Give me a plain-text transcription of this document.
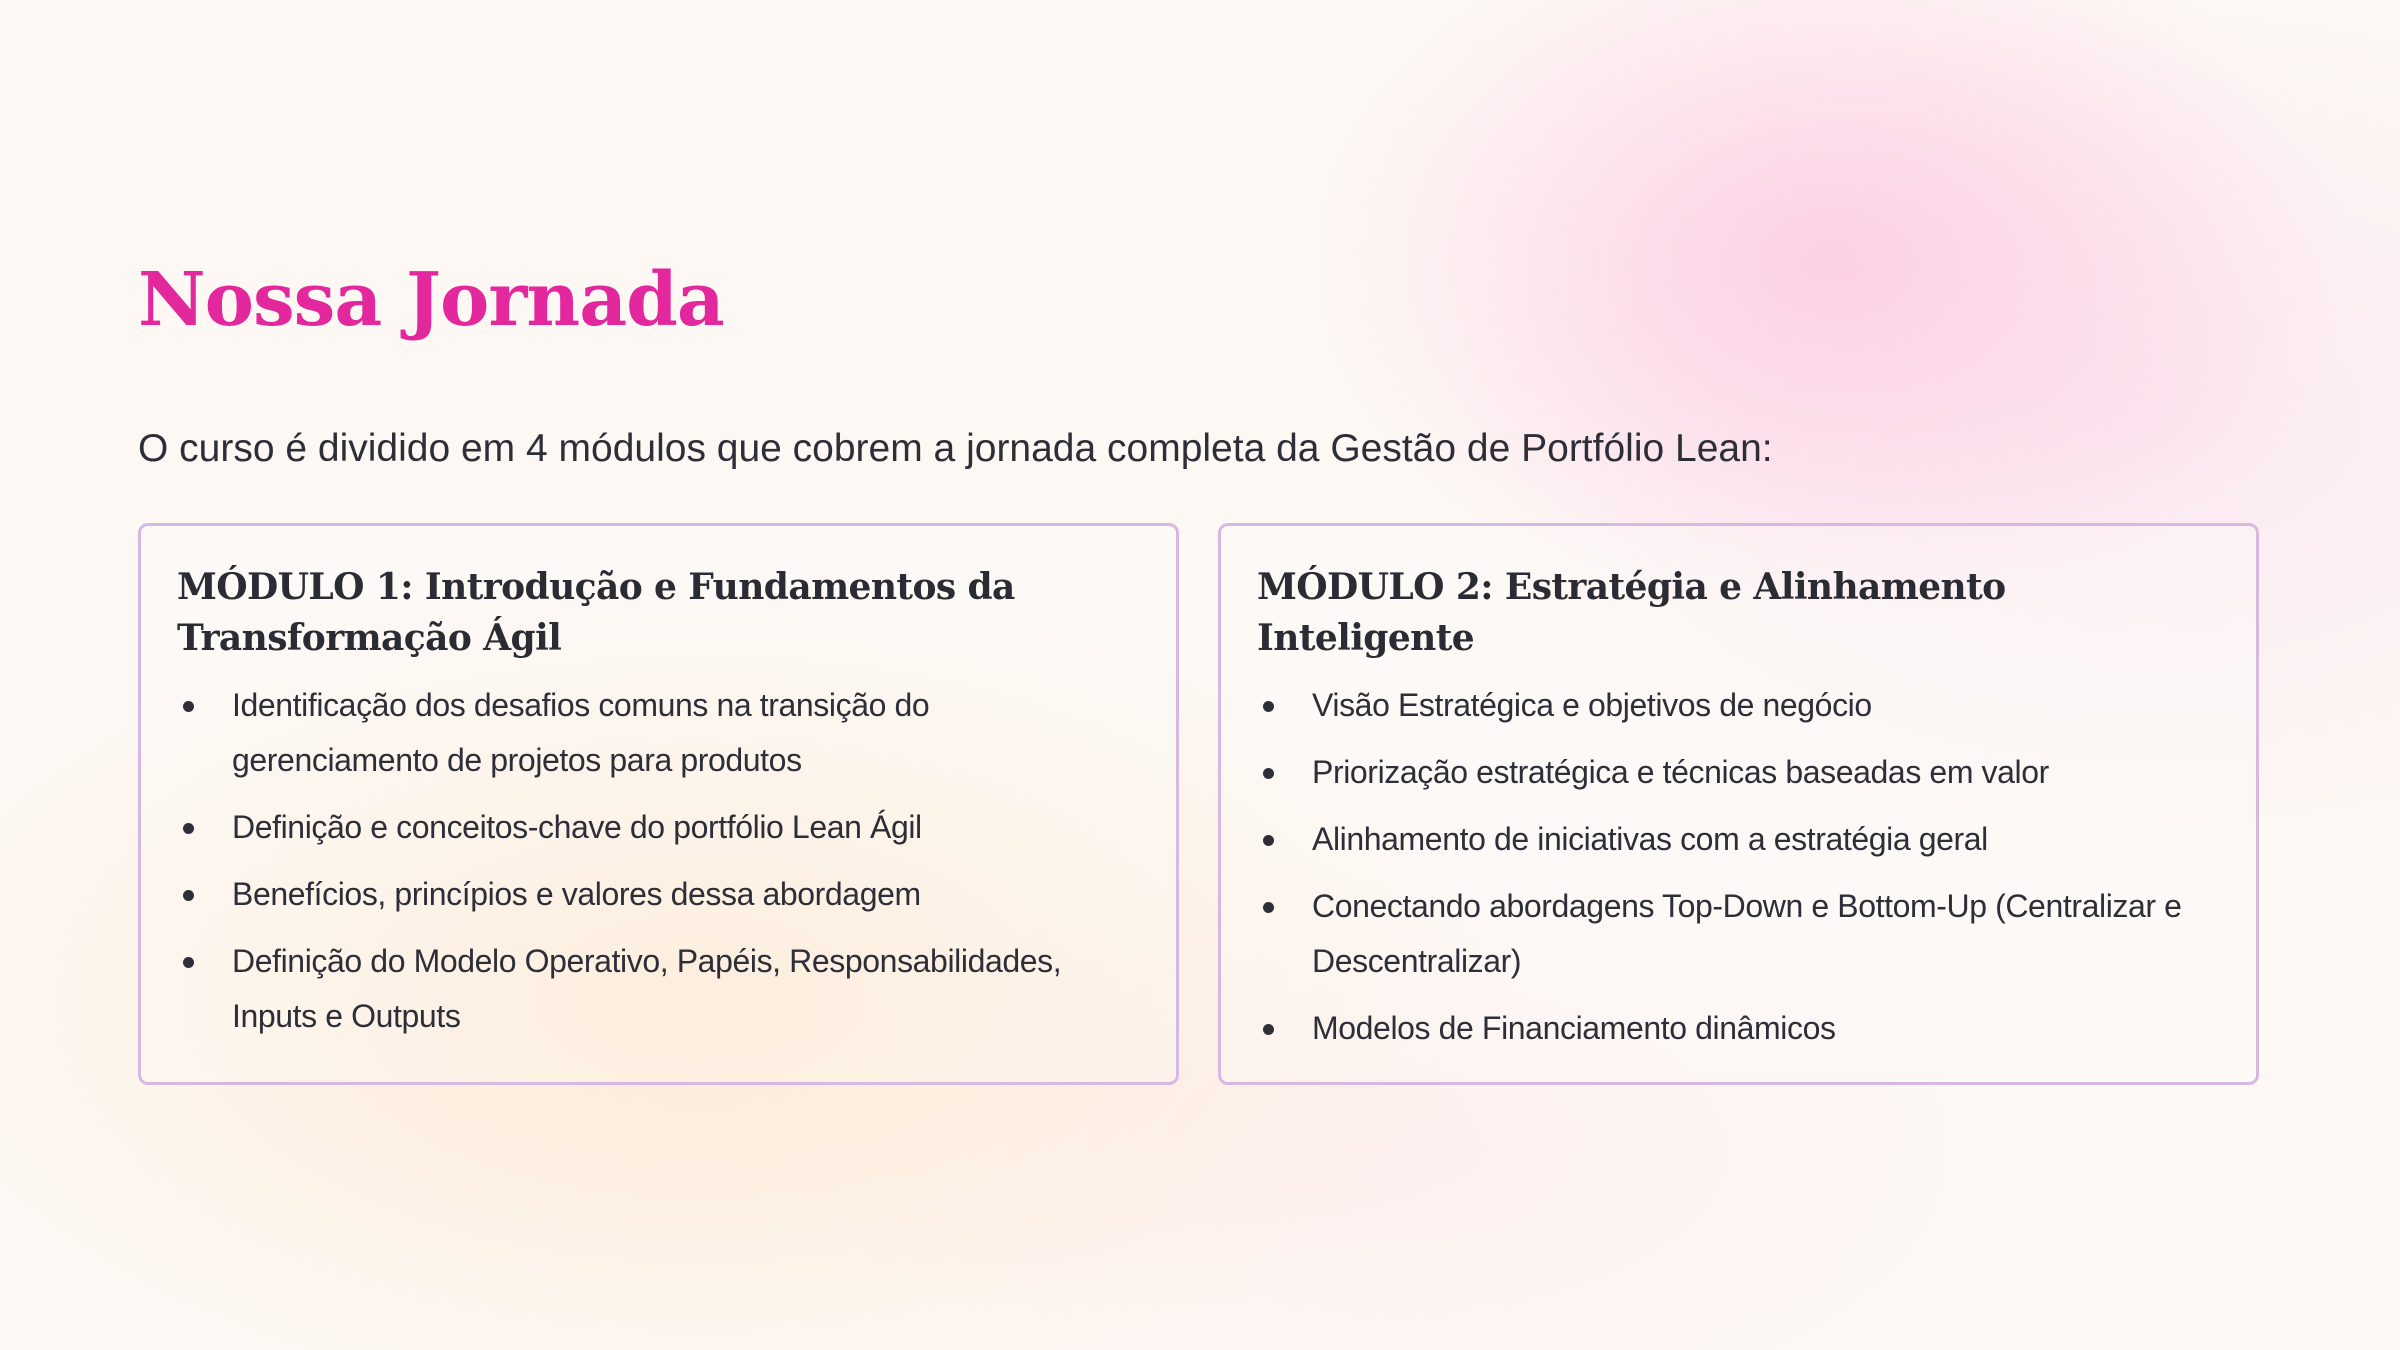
Nossa Jornada

O curso é dividido em 4 módulos que cobrem a jornada completa da Gestão de Portfólio Lean:

MÓDULO 1: Introdução e Fundamentos da Transformação Ágil
Identificação dos desafios comuns na transição do gerenciamento de projetos para produtos
Definição e conceitos-chave do portfólio Lean Ágil
Benefícios, princípios e valores dessa abordagem
Definição do Modelo Operativo, Papéis, Responsabilidades, Inputs e Outputs
MÓDULO 2: Estratégia e Alinhamento Inteligente
Visão Estratégica e objetivos de negócio
Priorização estratégica e técnicas baseadas em valor
Alinhamento de iniciativas com a estratégia geral
Conectando abordagens Top-Down e Bottom-Up (Centralizar e Descentralizar)
Modelos de Financiamento dinâmicos
